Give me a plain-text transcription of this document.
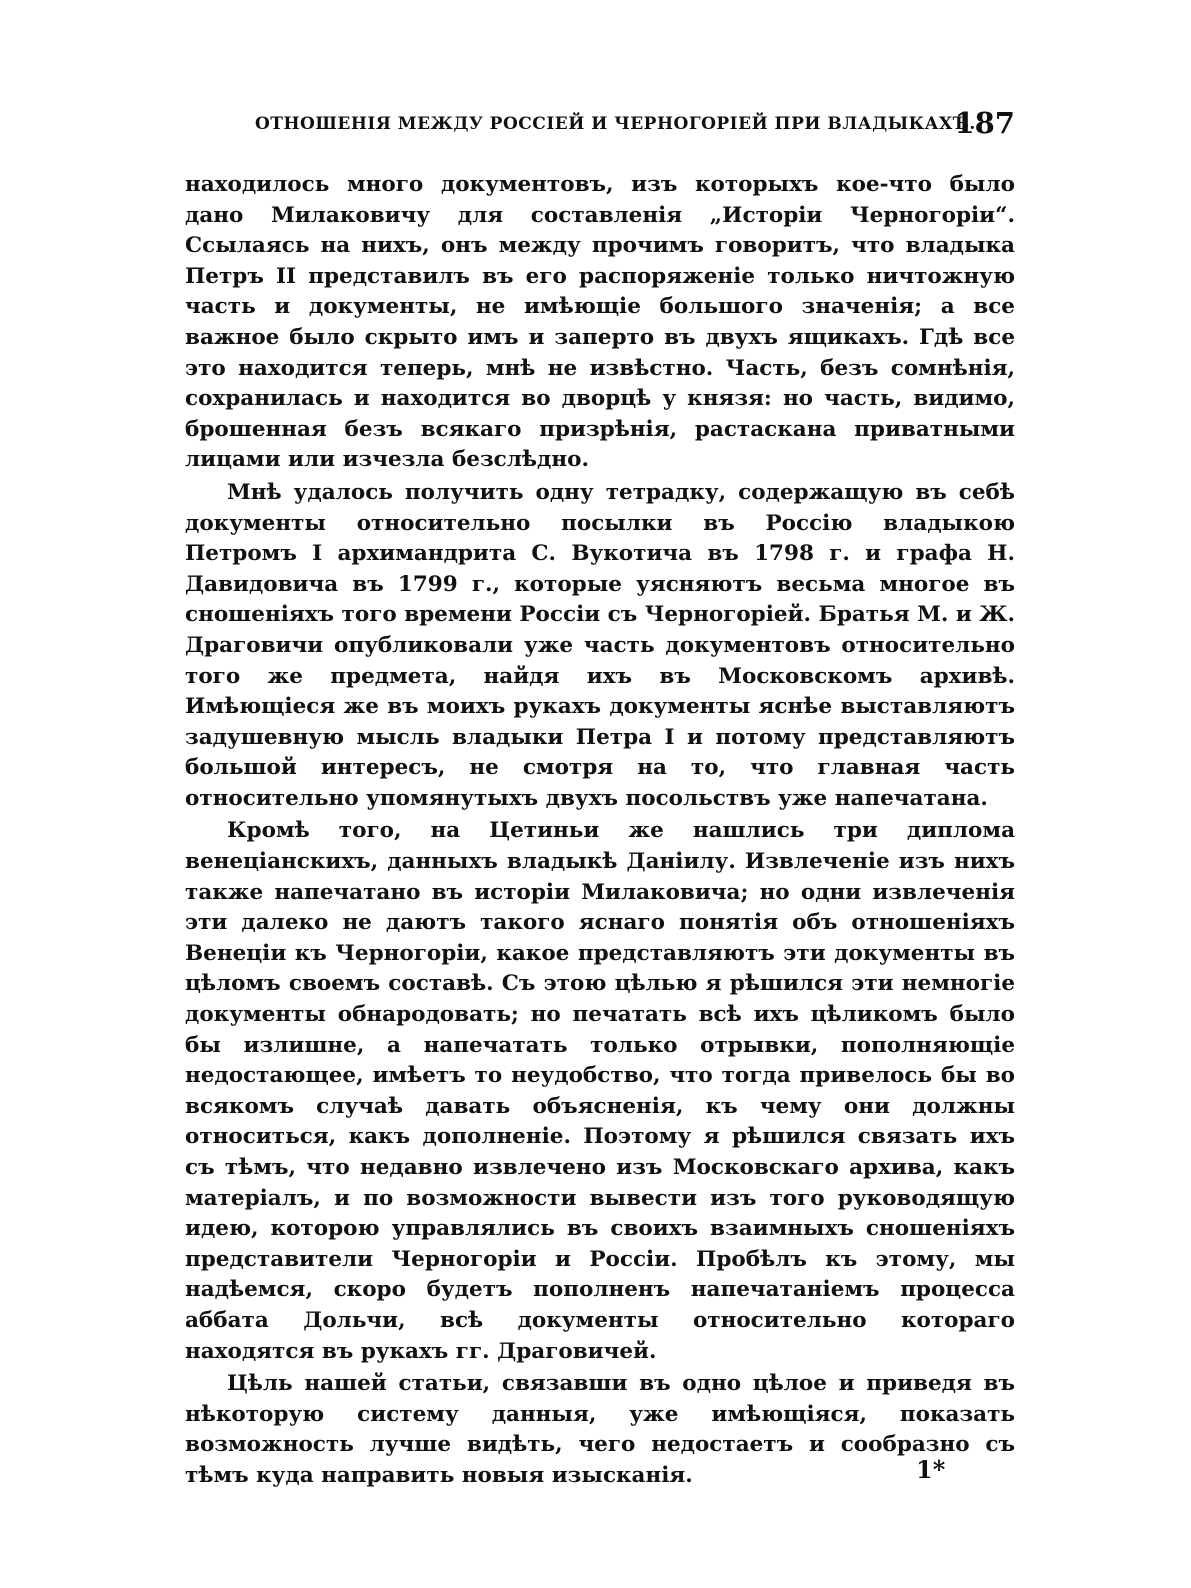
ОТНОШЕНІЯ МЕЖДУ РОССІЕЙ И ЧЕРНОГОРІЕЙ ПРИ ВЛАДЫКАХЪ.
187

находилось много документовъ, изъ которыхъ кое-что было дано Милаковичу для составленія „Исторіи Черногоріи“. Ссылаясь на нихъ, онъ между прочимъ говоритъ, что владыка Петръ II представилъ въ его распоряженіе только ничтожную часть и документы, не имѣющіе большого значенія; а все важное было скрыто имъ и заперто въ двухъ ящикахъ. Гдѣ все это находится теперь, мнѣ не извѣстно. Часть, безъ сомнѣнія, сохранилась и находится во дворцѣ у князя: но часть, видимо, брошенная безъ всякаго призрѣнія, растаскана приватными лицами или изчезла безслѣдно.

Мнѣ удалось получить одну тетрадку, содержащую въ себѣ документы относительно посылки въ Россію владыкою Петромъ I архимандрита С. Вукотича въ 1798 г. и графа Н. Давидовича въ 1799 г., которые уясняютъ весьма многое въ сношеніяхъ того времени Россіи съ Черногоріей. Братья М. и Ж. Драговичи опубликовали уже часть документовъ относительно того же предмета, найдя ихъ въ Московскомъ архивѣ. Имѣющіеся же въ моихъ рукахъ документы яснѣе выставляютъ задушевную мысль владыки Петра I и потому представляютъ большой интересъ, не смотря на то, что главная часть относительно упомянутыхъ двухъ посольствъ уже напечатана.

Кромѣ того, на Цетиньи же нашлись три диплома венеціанскихъ, данныхъ владыкѣ Даніилу. Извлеченіе изъ нихъ также напечатано въ исторіи Милаковича; но одни извлеченія эти далеко не даютъ такого яснаго понятія объ отношеніяхъ Венеціи къ Черногоріи, какое представляютъ эти документы въ цѣломъ своемъ составѣ. Съ этою цѣлью я рѣшился эти немногіе документы обнародовать; но печатать всѣ ихъ цѣликомъ было бы излишне, а напечатать только отрывки, пополняющіе недостающее, имѣетъ то неудобство, что тогда привелось бы во всякомъ случаѣ давать объясненія, къ чему они должны относиться, какъ дополненіе. Поэтому я рѣшился связать ихъ съ тѣмъ, что недавно извлечено изъ Московскаго архива, какъ матеріалъ, и по возможности вывести изъ того руководящую идею, которою управлялись въ своихъ взаимныхъ сношеніяхъ представители Черногоріи и Россіи. Пробѣлъ къ этому, мы надѣемся, скоро будетъ пополненъ напечатаніемъ процесса аббата Дольчи, всѣ документы относительно котораго находятся въ рукахъ гг. Драговичей.

Цѣль нашей статьи, связавши въ одно цѣлое и приведя въ нѣкоторую систему данныя, уже имѣющіяся, показать возможность лучше видѣть, чего недостаетъ и сообразно съ тѣмъ куда направить новыя изысканія.	1*
